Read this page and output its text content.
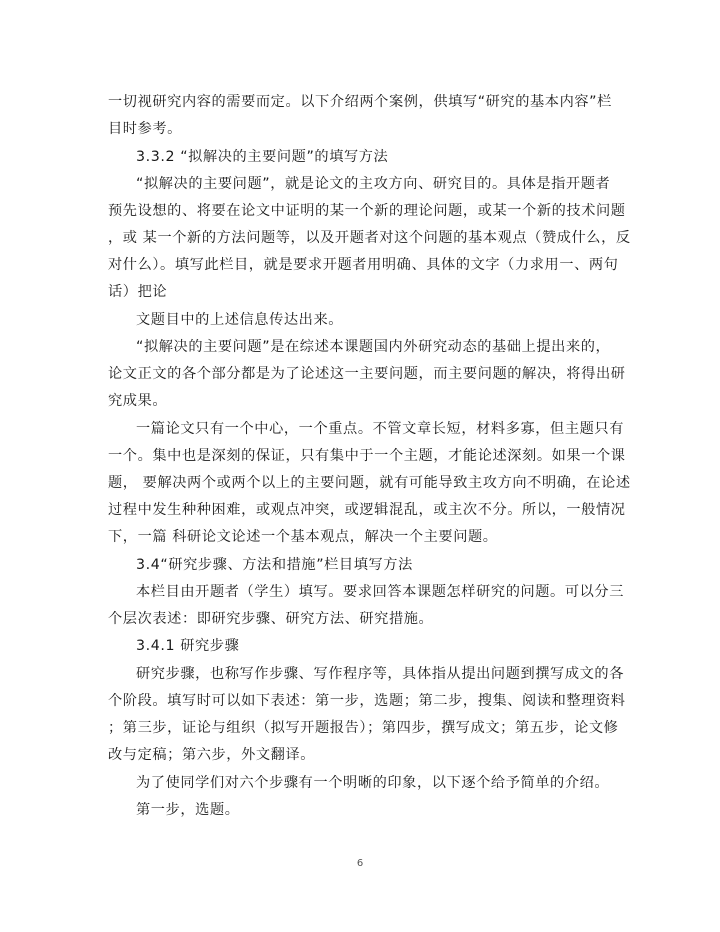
一切视研究内容的需要而定。以下介绍两个案例，供填写“研究的基本内容”栏
目时参考。
3.3.2 “拟解决的主要问题”的填写方法
“拟解决的主要问题”，就是论文的主攻方向、研究目的。具体是指开题者
预先设想的、将要在论文中证明的某一个新的理论问题，或某一个新的技术问题
，或 某一个新的方法问题等，以及开题者对这个问题的基本观点（赞成什么，反
对什么）。填写此栏目，就是要求开题者用明确、具体的文字（力求用一、两句
话）把论
文题目中的上述信息传达出来。
“拟解决的主要问题”是在综述本课题国内外研究动态的基础上提出来的，
论文正文的各个部分都是为了论述这一主要问题，而主要问题的解决，将得出研
究成果。
一篇论文只有一个中心，一个重点。不管文章长短，材料多寡，但主题只有
一个。集中也是深刻的保证，只有集中于一个主题，才能论述深刻。如果一个课
题， 要解决两个或两个以上的主要问题，就有可能导致主攻方向不明确，在论述
过程中发生种种困难，或观点冲突，或逻辑混乱，或主次不分。所以，一般情况
下，一篇 科研论文论述一个基本观点，解决一个主要问题。
3.4“研究步骤、方法和措施”栏目填写方法
本栏目由开题者（学生）填写。要求回答本课题怎样研究的问题。可以分三
个层次表述：即研究步骤、研究方法、研究措施。
3.4.1 研究步骤
研究步骤，也称写作步骤、写作程序等，具体指从提出问题到撰写成文的各
个阶段。填写时可以如下表述：第一步，选题；第二步，搜集、阅读和整理资料
；第三步，证论与组织（拟写开题报告）；第四步，撰写成文；第五步，论文修
改与定稿；第六步，外文翻译。
为了使同学们对六个步骤有一个明晰的印象，以下逐个给予简单的介绍。
第一步，选题。
6
